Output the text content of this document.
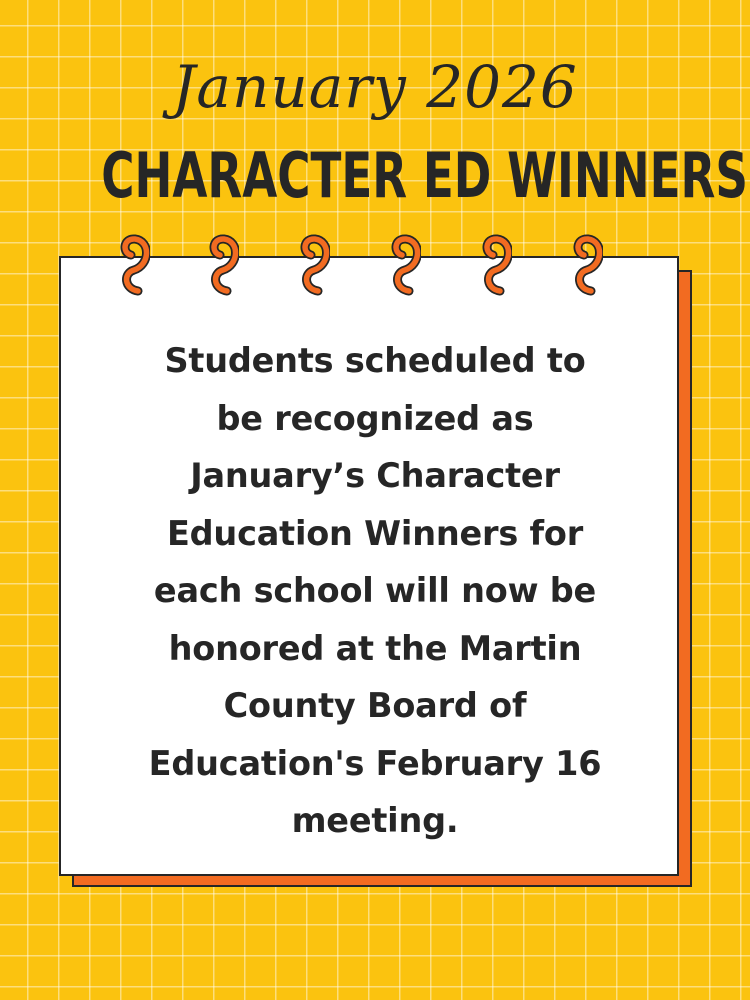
January 2026
CHARACTER ED WINNERS
Students scheduled to
be recognized as
January’s Character
Education Winners for
each school will now be
honored at the Martin
County Board of
Education's February 16
meeting.
